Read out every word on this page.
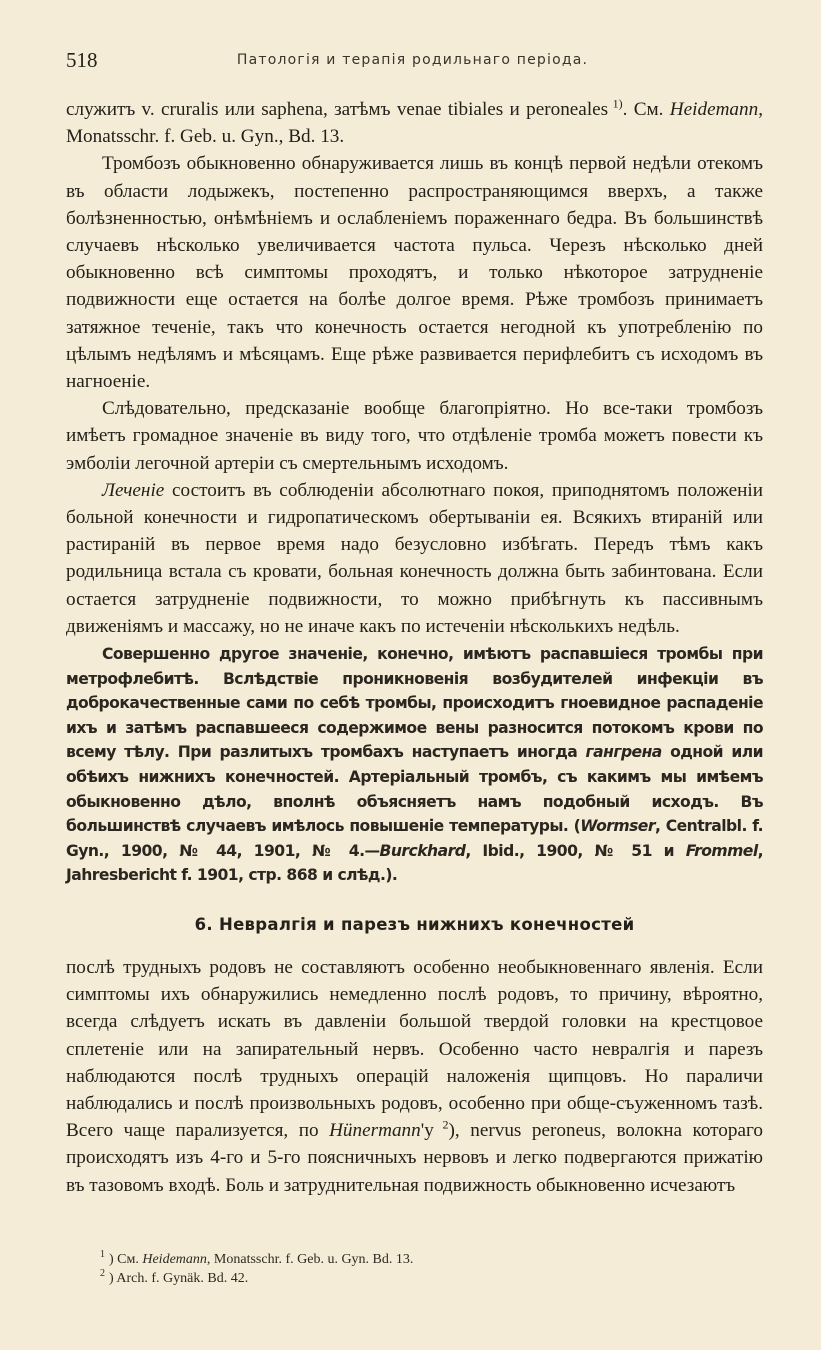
518	Патологія и терапія родильнаго періода.

служитъ v. cruralis или saphena, затѣмъ venae tibiales и peroneales $^{1)}$. См. Heidemann, Monatsschr. f. Geb. u. Gyn., Bd. 13.

Тромбозъ обыкновенно обнаруживается лишь въ концѣ первой недѣли отекомъ въ области лодыжекъ, постепенно распространяющимся вверхъ, а также болѣзненностью, онѣмѣніемъ и ослабленіемъ пораженнаго бедра. Въ большинствѣ случаевъ нѣсколько увеличивается частота пульса. Черезъ нѣсколько дней обыкновенно всѣ симптомы проходятъ, и только нѣкоторое затрудненіе подвижности еще остается на болѣе долгое время. Рѣже тромбозъ принимаетъ затяжное теченіе, такъ что конечность остается негодной къ употребленію по цѣлымъ недѣлямъ и мѣсяцамъ. Еще рѣже развивается перифлебитъ съ исходомъ въ нагноеніе.

Слѣдовательно, предсказаніе вообще благопріятно. Но все-таки тромбозъ имѣетъ громадное значеніе въ виду того, что отдѣленіе тромба можетъ повести къ эмболіи легочной артеріи съ смертельнымъ исходомъ.

Леченіе состоитъ въ соблюденіи абсолютнаго покоя, приподнятомъ положеніи больной конечности и гидропатическомъ обертываніи ея. Всякихъ втираній или растираній въ первое время надо безусловно избѣгать. Передъ тѣмъ какъ родильница встала съ кровати, больная конечность должна быть забинтована. Если остается затрудненіе подвижности, то можно прибѣгнуть къ пассивнымъ движеніямъ и массажу, но не иначе какъ по истеченіи нѣсколькихъ недѣль.

Совершенно другое значеніе, конечно, имѣютъ распавшіеся тромбы при метрофлебитѣ. Вслѣдствіе проникновенія возбудителей инфекціи въ доброкачественные сами по себѣ тромбы, происходитъ гноевидное распаденіе ихъ и затѣмъ распавшееся содержимое вены разносится потокомъ крови по всему тѣлу. При разлитыхъ тромбахъ наступаетъ иногда гангрена одной или обѣихъ нижнихъ конечностей. Артеріальный тромбъ, съ какимъ мы имѣемъ обыкновенно дѣло, вполнѣ объясняетъ намъ подобный исходъ. Въ большинствѣ случаевъ имѣлось повышеніе температуры. (Wormser, Centralbl. f. Gyn., 1900, № 44, 1901, № 4.—Burckhard, Ibid., 1900, № 51 и Frommel, Jahresbericht f. 1901, стр. 868 и слѣд.).

6. Невралгія и парезъ нижнихъ конечностей

послѣ трудныхъ родовъ не составляютъ особенно необыкновеннаго явленія. Если симптомы ихъ обнаружились немедленно послѣ родовъ, то причину, вѣроятно, всегда слѣдуетъ искать въ давленіи большой твердой головки на крестцовое сплетеніе или на запирательный нервъ. Особенно часто невралгія и парезъ наблюдаются послѣ трудныхъ операцій наложенія щипцовъ. Но параличи наблюдались и послѣ произвольныхъ родовъ, особенно при обще-съуженномъ тазѣ. Всего чаще парализуется, по Hünermann'у $^2$), nervus peroneus, волокна котораго происходятъ изъ 4-го и 5-го поясничныхъ нервовъ и легко подвергаются прижатію въ тазовомъ входѣ. Боль и затруднительная подвижность обыкновенно исчезаютъ

$^1$ ) См. Heidemann, Monatsschr. f. Geb. u. Gyn. Bd. 13.
$^2$ ) Arch. f. Gynäk. Bd. 42.
